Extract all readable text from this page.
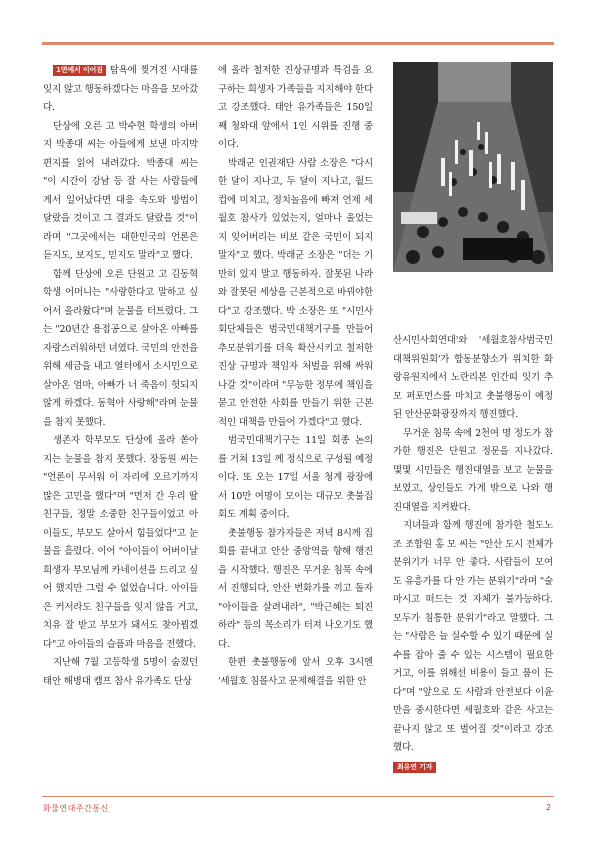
1면에서 이어짐 탐욕에 찢겨진 시대를 잊지 않고 행동하겠다는 마음을 모아갔다.

단상에 오른 고 박수현 학생의 아버지 박종대 씨는 아들에게 보낸 마지막 편지를 읽어 내려갔다. 박종대 씨는 "이 시간이 강남 등 잘 사는 사람들에게서 일어났다면 대응 속도와 방법이 달랐을 것이고 그 결과도 달랐을 것"이라며 "그곳에서는 대한민국의 언론은 듣지도, 보지도, 믿지도 말라"고 했다.

함께 단상에 오른 단원고 고 김동혁 학생 어머니는 "사랑한다고 말하고 싶어서 올라왔다"며 눈물을 터트렸다. 그는 "20년간 용접공으로 살아온 아빠를 자랑스러워하던 녀였다. 국민의 안전을 위해 세금을 내고 열터에서 소시민으로 살아온 엄마, 아빠가 너 죽음이 헛되지 않게 하겠다. 동혁아 사랑해"라며 눈물을 참지 못했다.

생존자 학부모도 단상에 올라 쏟아지는 눈물을 참지 못했다. 장동원 씨는 "언론이 무서워 이 자리에 오르기까지 많은 고민을 했다"며 "먼저 간 우리 딸 친구들, 정말 소중한 친구들이었고 아이들도, 부모도 살아서 힘들었다"고 눈물을 흘렸다. 이어 "아이들이 어버이날 희생자 부모님께 카네이션을 드리고 싶어 했지만 그럴 수 없었습니다. 아이들은 커서라도 친구들을 잊지 않을 거고, 치유 잘 받고 부모가 돼서도 찾아뵙겠다"고 아이들의 슬픔과 마음을 전했다.

지난해 7월 고등학생 5명이 숨졌던 태안 해병대 캠프 참사 유가족도 단상

에 올라 철저한 진상규명과 특검을 요구하는 희생자 가족들을 지지해야 한다고 강조했다. 태안 유가족들은 150일째 청와대 앞에서 1인 시위를 진행 중이다.

박래군 인권재단 사람 소장은 "다시 한 달이 지나고, 두 달이 지나고, 월드컵에 미치고, 정치놀음에 빠져 언제 세월호 참사가 있었는지, 얼마나 울었는지 잊어버리는 비보 같은 국민이 되지 말자"고 했다. 박래군 소장은 "더는 기만히 있지 말고 행동하자. 잘못된 나라와 잘못된 세상을 근본적으로 바꿔야한다"고 강조했다. 박 소장은 또 "시민사회단체들은 범국민대책기구를 만들어 추모분위기를 더욱 확산시키고 철저한 진상 규명과 책임자 처벌을 위해 싸워나갈 것"이라며 "무능한 정부에 책임을 묻고 안전한 사회를 만들기 위한 근본적인 대책을 만들어 가겠다"고 했다.

범국민대책기구는 11일 회종 논의를 거쳐 13일 께 정식으로 구성될 예정이다. 또 오는 17일 서울 청계 광장에서 10만 여명이 모이는 대규모 촛불집회도 계획 중이다.

촛불행동 참가자들은 저녁 8시께 집회를 끝내고 안산 중앙역을 향해 행진을 시작했다. 행진은 무거운 침묵 속에서 진행되다, 안산 번화가를 끼고 돌자 "아이들을 살려내라", "박근혜는 퇴진하라" 등의 목소리가 터져 나오기도 했다.

한편 촛불행동에 앞서 오후 3시엔 '세월호 침몰사고 문제해결을 위한 안

산시민사회연대'와 '세월호참사범국민대책위원회'가 합동분향소가 위치한 화랑유원지에서 노란리본 인간띠 잇기 추모 퍼포먼스를 마치고 촛불행동이 예정된 안산문화광장까지 행진했다.

무거운 침묵 속에 2천여 명 정도가 참가한 행진은 단원고 정문을 지나갔다. 몇몇 시민들은 행진대열을 보고 눈물을 보였고, 상인들도 가게 밖으로 나와 행진대열을 지켜봤다.

지녀들과 함께 행진에 참가한 철도노조 조합원 홍 모 씨는 "안산 도시 전체가 분위기가 너무 안 좋다. 사람들이 모여도 유흥가를 다 안 가는 분위기"라며 "술 마시고 떠드는 것 자체가 불가능하다. 모두가 침통한 분위기"라고 말했다. 그는 "사람은 늘 실수할 수 있기 때문에 실수를 잡아 줄 수 있는 시스템이 필요한 거고, 이를 위해선 비용이 들고 품이 든다"며 "앞으로 도 사람과 안전보다 이윤만을 중시한다면 세월호와 같은 사고는 끝나지 않고 또 벌어질 것"이라고 강조했다.

최유연 기자
화물연대주간통신	2
